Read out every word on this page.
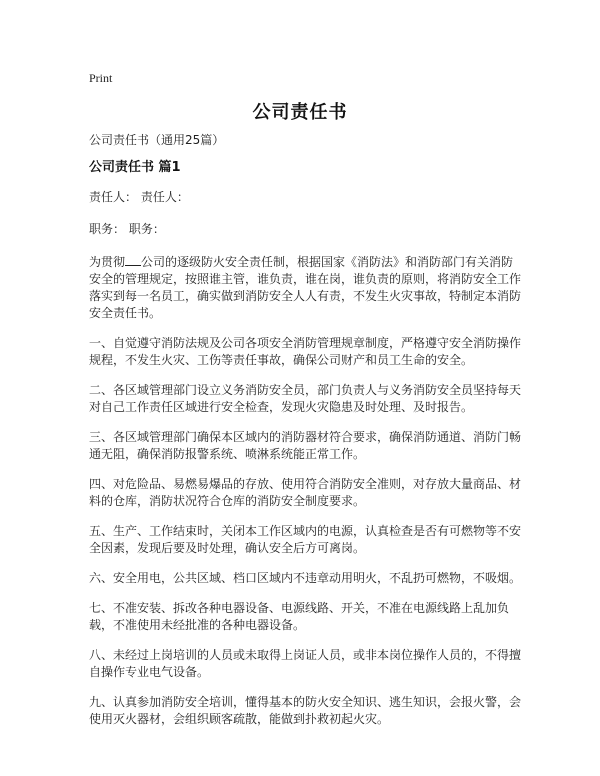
Print
公司责任书

公司责任书（通用25篇）

公司责任书 篇1

责任人： 责任人：

职务： 职务：

为贯彻 公司的逐级防火安全责任制，根据国家《消防法》和消防部门有关消防安全的管理规定，按照谁主管，谁负责，谁在岗，谁负责的原则，将消防安全工作落实到每一名员工，确实做到消防安全人人有责，不发生火灾事故，特制定本消防安全责任书。

一、自觉遵守消防法规及公司各项安全消防管理规章制度，严格遵守安全消防操作规程，不发生火灾、工伤等责任事故，确保公司财产和员工生命的安全。

二、各区域管理部门设立义务消防安全员，部门负责人与义务消防安全员坚持每天对自己工作责任区域进行安全检查，发现火灾隐患及时处理、及时报告。

三、各区域管理部门确保本区域内的消防器材符合要求，确保消防通道、消防门畅通无阻，确保消防报警系统、喷淋系统能正常工作。

四、对危险品、易燃易爆品的存放、使用符合消防安全准则，对存放大量商品、材料的仓库，消防状况符合仓库的消防安全制度要求。

五、生产、工作结束时，关闭本工作区域内的电源，认真检查是否有可燃物等不安全因素，发现后要及时处理，确认安全后方可离岗。

六、安全用电，公共区域、档口区域内不违章动用明火，不乱扔可燃物，不吸烟。

七、不准安装、拆改各种电器设备、电源线路、开关，不准在电源线路上乱加负载，不准使用未经批准的各种电器设备。

八、未经过上岗培训的人员或未取得上岗证人员，或非本岗位操作人员的，不得擅自操作专业电气设备。

九、认真参加消防安全培训，懂得基本的防火安全知识、逃生知识，会报火警，会使用灭火器材，会组织顾客疏散，能做到扑救初起火灾。
